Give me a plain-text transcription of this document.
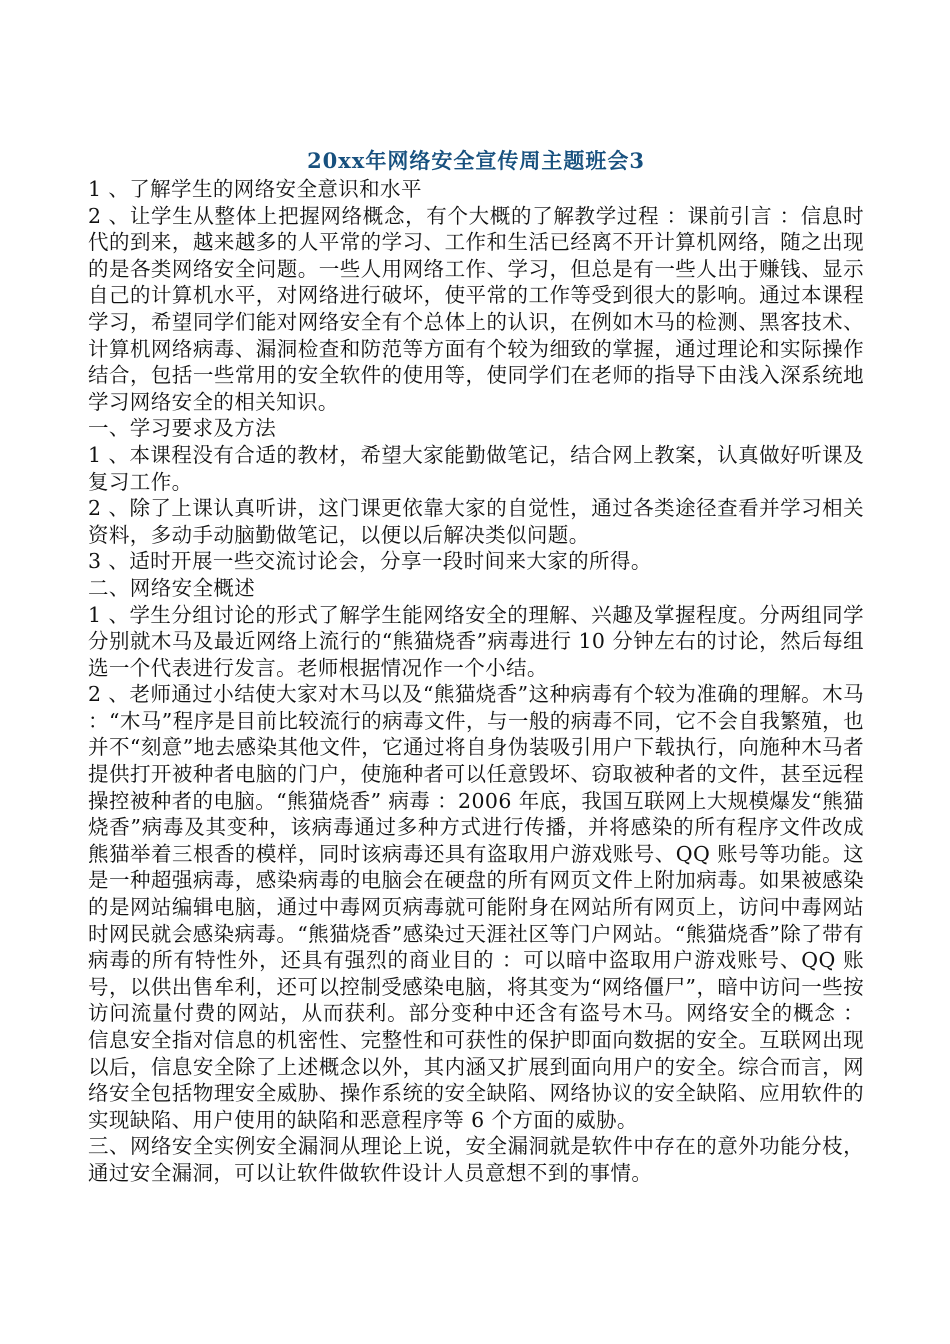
20xx年网络安全宣传周主题班会3

1 、了解学生的网络安全意识和水平

2 、让学生从整体上把握网络概念，有个大概的了解教学过程 ：课前引言 ：信息时代的到来，越来越多的人平常的学习、工作和生活已经离不开计算机网络，随之出现的是各类网络安全问题。一些人用网络工作、学习，但总是有一些人出于赚钱、显示自己的计算机水平，对网络进行破坏，使平常的工作等受到很大的影响。通过本课程学习，希望同学们能对网络安全有个总体上的认识，在例如木马的检测、黑客技术、计算机网络病毒、漏洞检查和防范等方面有个较为细致的掌握，通过理论和实际操作结合，包括一些常用的安全软件的使用等，使同学们在老师的指导下由浅入深系统地学习网络安全的相关知识。

一、学习要求及方法

1 、本课程没有合适的教材，希望大家能勤做笔记，结合网上教案，认真做好听课及复习工作。

2 、除了上课认真听讲，这门课更依靠大家的自觉性，通过各类途径查看并学习相关资料，多动手动脑勤做笔记，以便以后解决类似问题。

3 、适时开展一些交流讨论会，分享一段时间来大家的所得。

二、网络安全概述

1 、学生分组讨论的形式了解学生能网络安全的理解、兴趣及掌握程度。分两组同学分别就木马及最近网络上流行的“熊猫烧香”病毒进行 10 分钟左右的讨论，然后每组选一个代表进行发言。老师根据情况作一个小结。

2 、老师通过小结使大家对木马以及“熊猫烧香”这种病毒有个较为准确的理解。木马 ：“木马”程序是目前比较流行的病毒文件，与一般的病毒不同，它不会自我繁殖，也并不“刻意”地去感染其他文件，它通过将自身伪装吸引用户下载执行，向施种木马者提供打开被种者电脑的门户，使施种者可以任意毁坏、窃取被种者的文件，甚至远程操控被种者的电脑。“熊猫烧香” 病毒 ：2006 年底，我国互联网上大规模爆发“熊猫烧香”病毒及其变种，该病毒通过多种方式进行传播，并将感染的所有程序文件改成熊猫举着三根香的模样，同时该病毒还具有盗取用户游戏账号、QQ 账号等功能。这是一种超强病毒，感染病毒的电脑会在硬盘的所有网页文件上附加病毒。如果被感染的是网站编辑电脑，通过中毒网页病毒就可能附身在网站所有网页上，访问中毒网站时网民就会感染病毒。“熊猫烧香”感染过天涯社区等门户网站。“熊猫烧香”除了带有病毒的所有特性外，还具有强烈的商业目的 ：可以暗中盗取用户游戏账号、QQ 账号，以供出售牟利，还可以控制受感染电脑，将其变为“网络僵尸”，暗中访问一些按访问流量付费的网站，从而获利。部分变种中还含有盗号木马。网络安全的概念 ：信息安全指对信息的机密性、完整性和可获性的保护即面向数据的安全。互联网出现以后，信息安全除了上述概念以外，其内涵又扩展到面向用户的安全。综合而言，网络安全包括物理安全威胁、操作系统的安全缺陷、网络协议的安全缺陷、应用软件的实现缺陷、用户使用的缺陷和恶意程序等 6 个方面的威胁。

三、网络安全实例安全漏洞从理论上说，安全漏洞就是软件中存在的意外功能分枝，通过安全漏洞，可以让软件做软件设计人员意想不到的事情。
